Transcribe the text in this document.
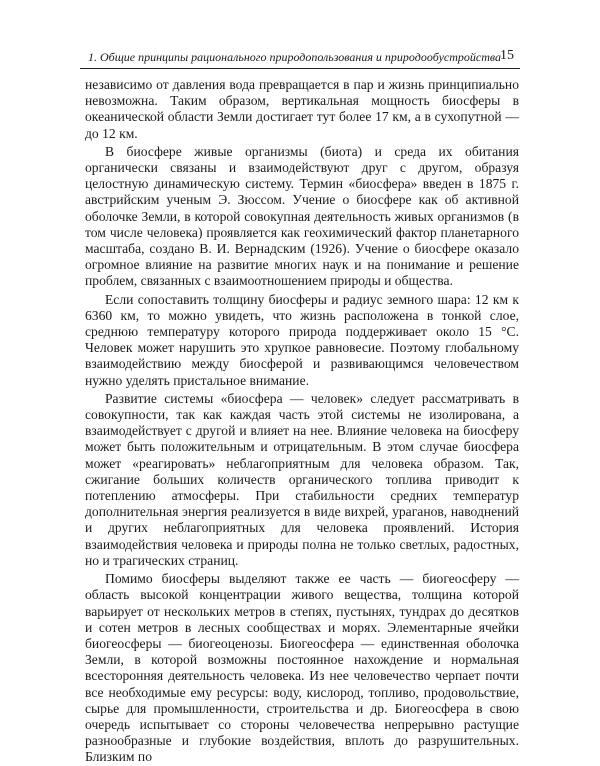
1. Общие принципы рационального природопользования и природообустройства
15

независимо от давления вода превращается в пар и жизнь принципиально невозможна. Таким образом, вертикальная мощность биосферы в океанической области Земли достигает тут более 17 км, а в сухопутной — до 12 км.

В биосфере живые организмы (биота) и среда их обитания органически связаны и взаимодействуют друг с другом, образуя целостную динамическую систему. Термин «биосфера» введен в 1875 г. австрийским ученым Э. Зюссом. Учение о биосфере как об активной оболочке Земли, в которой совокупная деятельность живых организмов (в том числе человека) проявляется как геохимический фактор планетарного масштаба, создано В. И. Вернадским (1926). Учение о биосфере оказало огромное влияние на развитие многих наук и на понимание и решение проблем, связанных с взаимоотношением природы и общества.

Если сопоставить толщину биосферы и радиус земного шара: 12 км к 6360 км, то можно увидеть, что жизнь расположена в тонкой слое, среднюю температуру которого природа поддерживает около 15 °С. Человек может нарушить это хрупкое равновесие. Поэтому глобальному взаимодействию между биосферой и развивающимся человечеством нужно уделять пристальное внимание.

Развитие системы «биосфера — человек» следует рассматривать в совокупности, так как каждая часть этой системы не изолирована, а взаимодействует с другой и влияет на нее. Влияние человека на биосферу может быть положительным и отрицательным. В этом случае биосфера может «реагировать» неблагоприятным для человека образом. Так, сжигание больших количеств органического топлива приводит к потеплению атмосферы. При стабильности средних температур дополнительная энергия реализуется в виде вихрей, ураганов, наводнений и других неблагоприятных для человека проявлений. История взаимодействия человека и природы полна не только светлых, радостных, но и трагических страниц.

Помимо биосферы выделяют также ее часть — биогеосферу — область высокой концентрации живого вещества, толщина которой варьирует от нескольких метров в степях, пустынях, тундрах до десятков и сотен метров в лесных сообществах и морях. Элементарные ячейки биогеосферы — биогеоценозы. Биогеосфера — единственная оболочка Земли, в которой возможны постоянное нахождение и нормальная всесторонняя деятельность человека. Из нее человечество черпает почти все необходимые ему ресурсы: воду, кислород, топливо, продовольствие, сырье для промышленности, строительства и др. Биогеосфера в свою очередь испытывает со стороны человечества непрерывно растущие разнообразные и глубокие воздействия, вплоть до разрушительных. Близким по
